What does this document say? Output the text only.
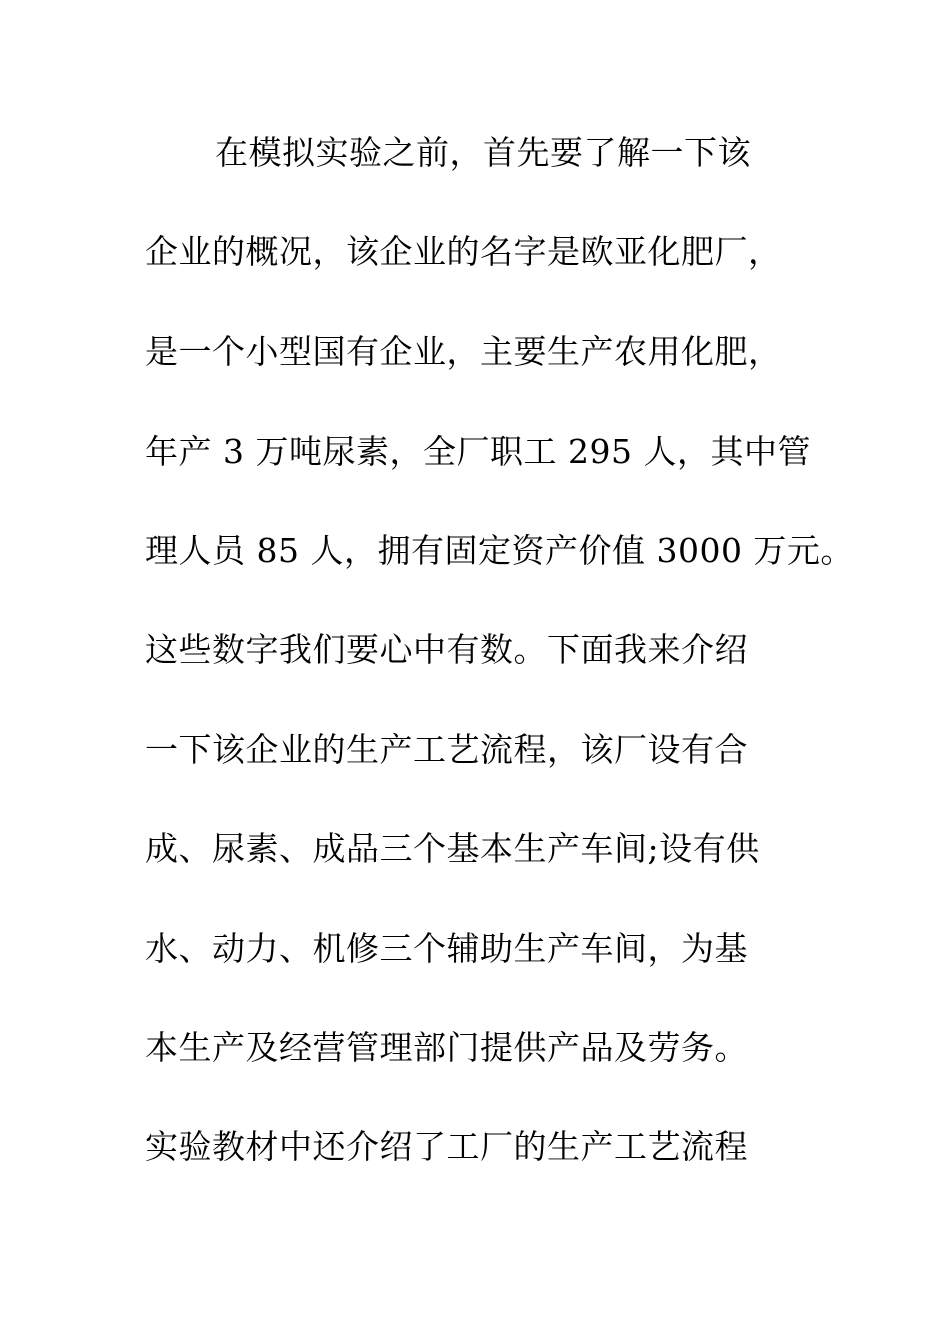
在模拟实验之前，首先要了解一下该
企业的概况，该企业的名字是欧亚化肥厂，
是一个小型国有企业，主要生产农用化肥，
年产 3 万吨尿素，全厂职工 295 人，其中管
理人员 85 人，拥有固定资产价值 3000 万元。
这些数字我们要心中有数。下面我来介绍
一下该企业的生产工艺流程，该厂设有合
成、尿素、成品三个基本生产车间;设有供
水、动力、机修三个辅助生产车间，为基
本生产及经营管理部门提供产品及劳务。
实验教材中还介绍了工厂的生产工艺流程
